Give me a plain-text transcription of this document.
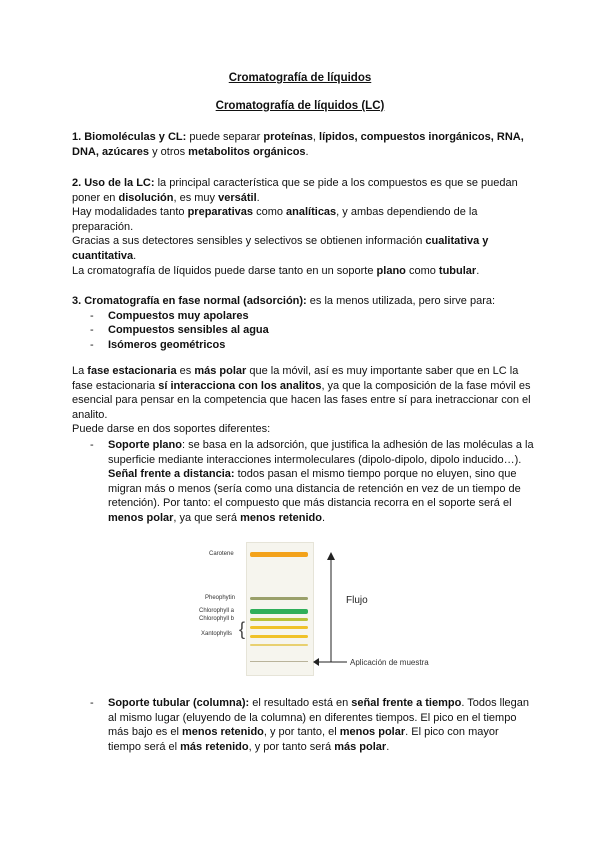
Cromatografía de líquidos
Cromatografía de líquidos (LC)

1. Biomoléculas y CL: puede separar proteínas, lípidos, compuestos inorgánicos, RNA, DNA, azúcares y otros metabolitos orgánicos.

2. Uso de la LC: la principal característica que se pide a los compuestos es que se puedan poner en disolución, es muy versátil.

Hay modalidades tanto preparativas como analíticas, y ambas dependiendo de la preparación.

Gracias a sus detectores sensibles y selectivos se obtienen información cualitativa y cuantitativa.

La cromatografía de líquidos puede darse tanto en un soporte plano como tubular.

3. Cromatografía en fase normal (adsorción): es la menos utilizada, pero sirve para:

- Compuestos muy apolares
- Compuestos sensibles al agua
- Isómeros geométricos

La fase estacionaria es más polar que la móvil, así es muy importante saber que en LC la fase estacionaria sí interacciona con los analitos, ya que la composición de la fase móvil es esencial para pensar en la competencia que hacen las fases entre sí para inetraccionar con el analito.

Puede darse en dos soportes diferentes:

- Soporte plano: se basa en la adsorción, que justifica la adhesión de las moléculas a la superficie mediante interacciones intermoleculares (dipolo-dipolo, dipolo inducido…).

Señal frente a distancia: todos pasan el mismo tiempo porque no eluyen, sino que migran más o menos (sería como una distancia de retención en vez de un tiempo de retención). Por tanto: el compuesto que más distancia recorra en el soporte será el menos polar, ya que será menos retenido.

Carotene
Pheophytin
Chlorophyll a
Chlorophyll b
Xantophylls {
Flujo
Aplicación de muestra
- Soporte tubular (columna): el resultado está en señal frente a tiempo. Todos llegan al mismo lugar (eluyendo de la columna) en diferentes tiempos. El pico en el tiempo más bajo es el menos retenido, y por tanto, el menos polar. El pico con mayor tiempo será el más retenido, y por tanto será más polar.
